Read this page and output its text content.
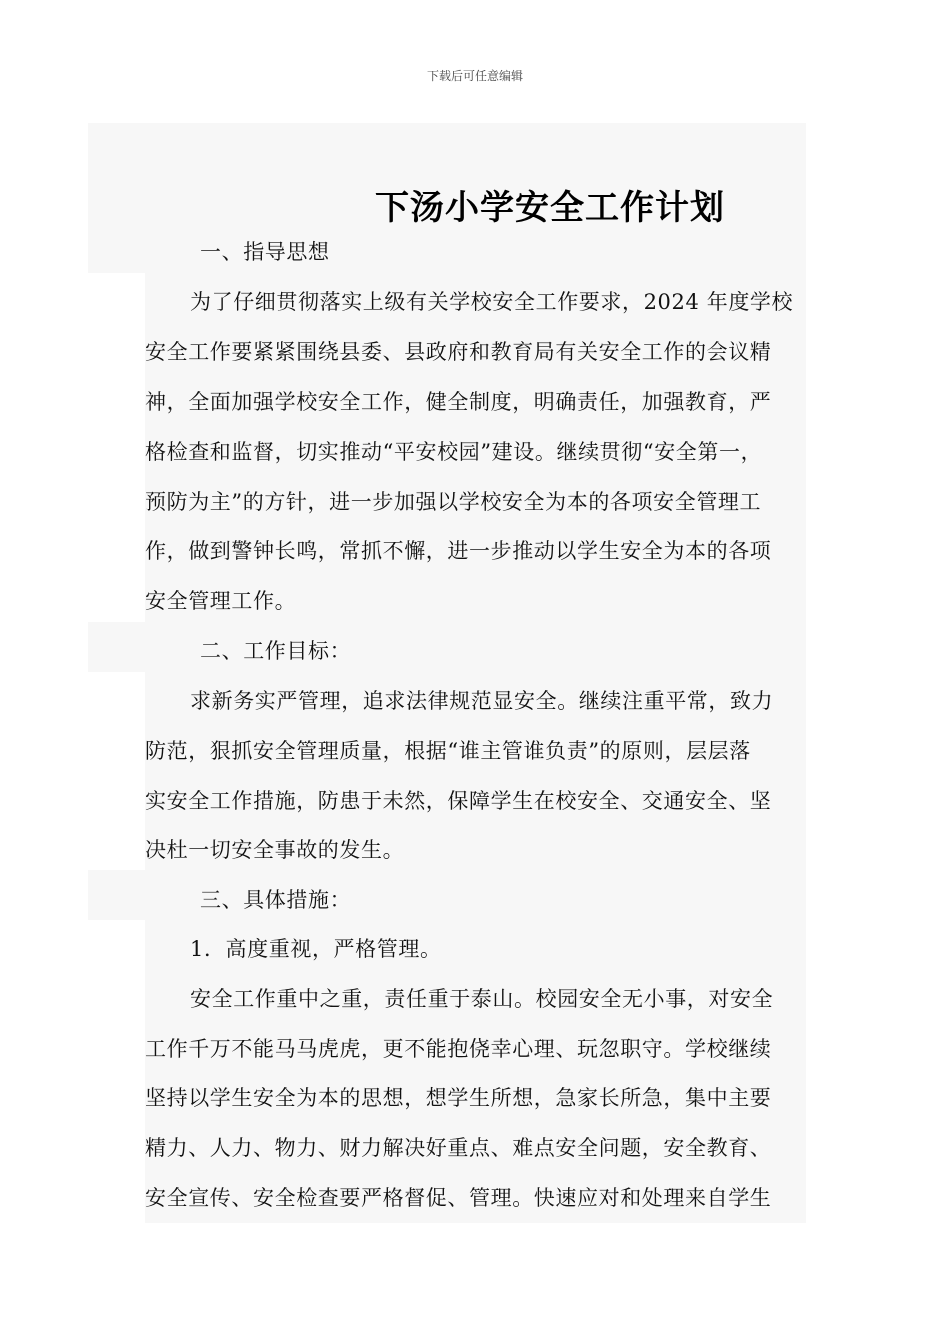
下载后可任意编辑
下汤小学安全工作计划
一、指导思想
为了仔细贯彻落实上级有关学校安全工作要求，2024 年度学校
安全工作要紧紧围绕县委、县政府和教育局有关安全工作的会议精
神，全面加强学校安全工作，健全制度，明确责任，加强教育，严
格检查和监督，切实推动“平安校园”建设。继续贯彻“安全第一，
预防为主”的方针，进一步加强以学校安全为本的各项安全管理工
作，做到警钟长鸣，常抓不懈，进一步推动以学生安全为本的各项
安全管理工作。
二、工作目标：
求新务实严管理，追求法律规范显安全。继续注重平常，致力
防范，狠抓安全管理质量，根据“谁主管谁负责”的原则，层层落
实安全工作措施，防患于未然，保障学生在校安全、交通安全、坚
决杜一切安全事故的发生。
三、具体措施：
1．高度重视，严格管理。
安全工作重中之重，责任重于泰山。校园安全无小事，对安全
工作千万不能马马虎虎，更不能抱侥幸心理、玩忽职守。学校继续
坚持以学生安全为本的思想，想学生所想，急家长所急，集中主要
精力、人力、物力、财力解决好重点、难点安全问题，安全教育、
安全宣传、安全检查要严格督促、管理。快速应对和处理来自学生
